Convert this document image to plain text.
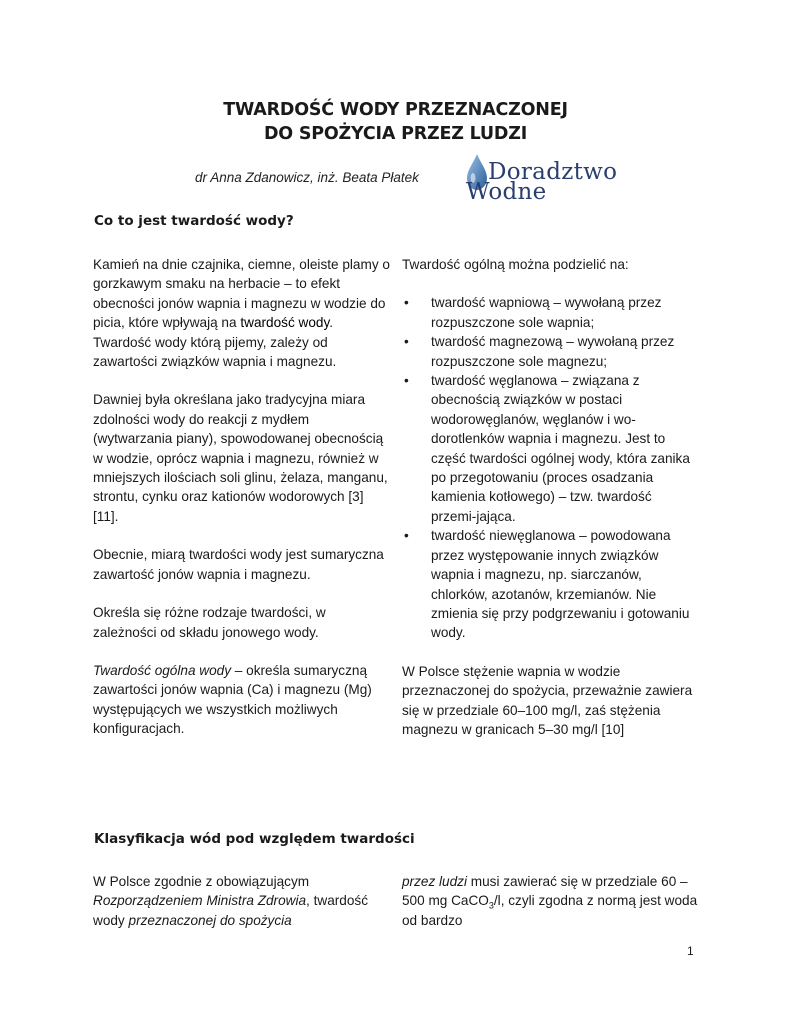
TWARDOŚĆ WODY PRZEZNACZONEJ
DO SPOŻYCIA PRZEZ LUDZI
dr Anna Zdanowicz, inż. Beata Płatek	Doradztwo
Wodne
Co to jest twardość wody?

Kamień na dnie czajnika, ciemne, oleiste plamy o gorzkawym smaku na herbacie – to efekt obecności jonów wapnia i magnezu w wodzie do picia, które wpływają na twardość wody. Twardość wody którą pijemy, zależy od zawartości związków wapnia i magnezu.

Dawniej była określana jako tradycyjna miara zdolności wody do reakcji z mydłem (wytwarzania piany), spowodowanej obecnością w wodzie, oprócz wapnia i magnezu, również w mniejszych ilościach soli glinu, żelaza, manganu, strontu, cynku oraz kationów wodorowych [3] [11].

Obecnie, miarą twardości wody jest sumaryczna zawartość jonów wapnia i magnezu.

Określa się różne rodzaje twardości, w zależności od składu jonowego wody.

Twardość ogólna wody – określa sumaryczną zawartości jonów wapnia (Ca) i magnezu (Mg) występujących we wszystkich możliwych konfiguracjach.

Twardość ogólną można podzielić na:

• twardość wapniową – wywołaną przez rozpuszczone sole wapnia;
• twardość magnezową – wywołaną przez rozpuszczone sole magnezu;
• twardość węglanowa – związana z obecnością związków w postaci wodorowęglanów, węglanów i wo-dorotlenków wapnia i magnezu. Jest to część twardości ogólnej wody, która zanika po przegotowaniu (proces osadzania kamienia kotłowego) – tzw. twardość przemi-jająca.
• twardość niewęglanowa – powodowana przez występowanie innych związków wapnia i magnezu, np. siarczanów, chlorków, azotanów, krzemianów. Nie zmienia się przy podgrzewaniu i gotowaniu wody.

W Polsce stężenie wapnia w wodzie przeznaczonej do spożycia, przeważnie zawiera się w przedziale 60–100 mg/l, zaś stężenia magnezu w granicach 5–30 mg/l [10]

Klasyfikacja wód pod względem twardości

W Polsce zgodnie z obowiązującym Rozporządzeniem Ministra Zdrowia, twardość wody przeznaczonej do spożycia

przez ludzi musi zawierać się w przedziale 60 – 500 mg CaCO$_3$/l, czyli zgodna z normą jest woda od bardzo

1
